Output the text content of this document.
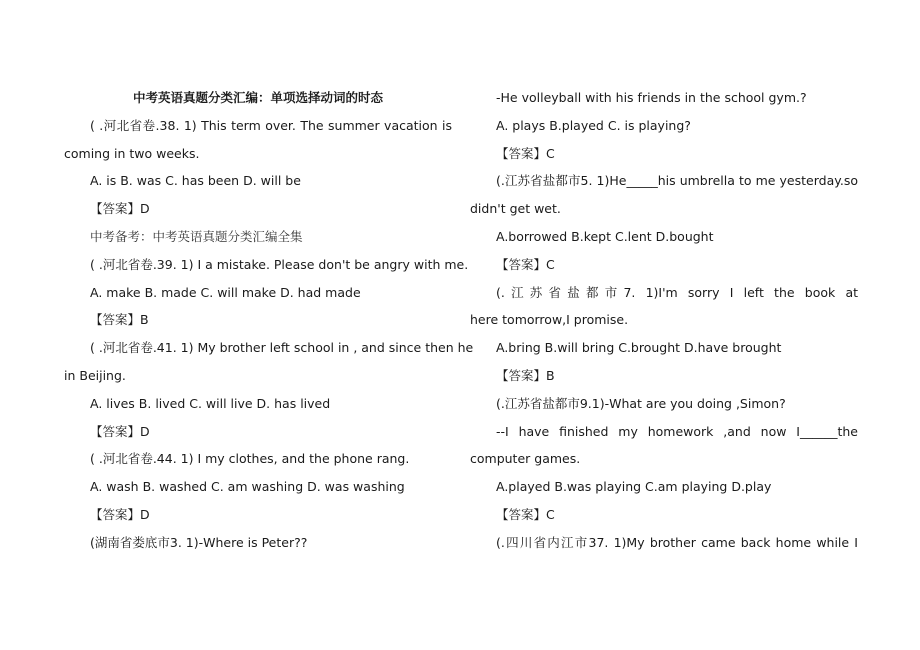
中考英语真题分类汇编：单项选择动词的时态
( .河北省卷.38. 1) This term over. The summer vacation is
coming in two weeks.
A. is B. was C. has been D. will be
【答案】D
中考备考：中考英语真题分类汇编全集
( .河北省卷.39. 1) I a mistake. Please don't be angry with me.
A. make B. made C. will make D. had made
【答案】B
( .河北省卷.41. 1) My brother left school in , and since then he
in Beijing.
A. lives B. lived C. will live D. has lived
【答案】D
( .河北省卷.44. 1) I my clothes, and the phone rang.
A. wash B. washed C. am washing D. was washing
【答案】D
(湖南省娄底市3. 1)-Where is Peter??
-He volleyball with his friends in the school gym.?
A. plays B.played C. is playing?
【答案】C
(.江苏省盐都市5. 1)He_____his umbrella to me yesterday.so
didn't get wet.
A.borrowed B.kept C.lent D.bought
【答案】C
(.江苏省盐都市7. 1)I'm sorry I left the book at
here tomorrow,I promise.
A.bring B.will bring C.brought D.have brought
【答案】B
(.江苏省盐都市9.1)-What are you doing ,Simon?
--I have finished my homework ,and now I______the
computer games.
A.played B.was playing C.am playing D.play
【答案】C
(.四川省内江市37. 1)My brother came back home while I
